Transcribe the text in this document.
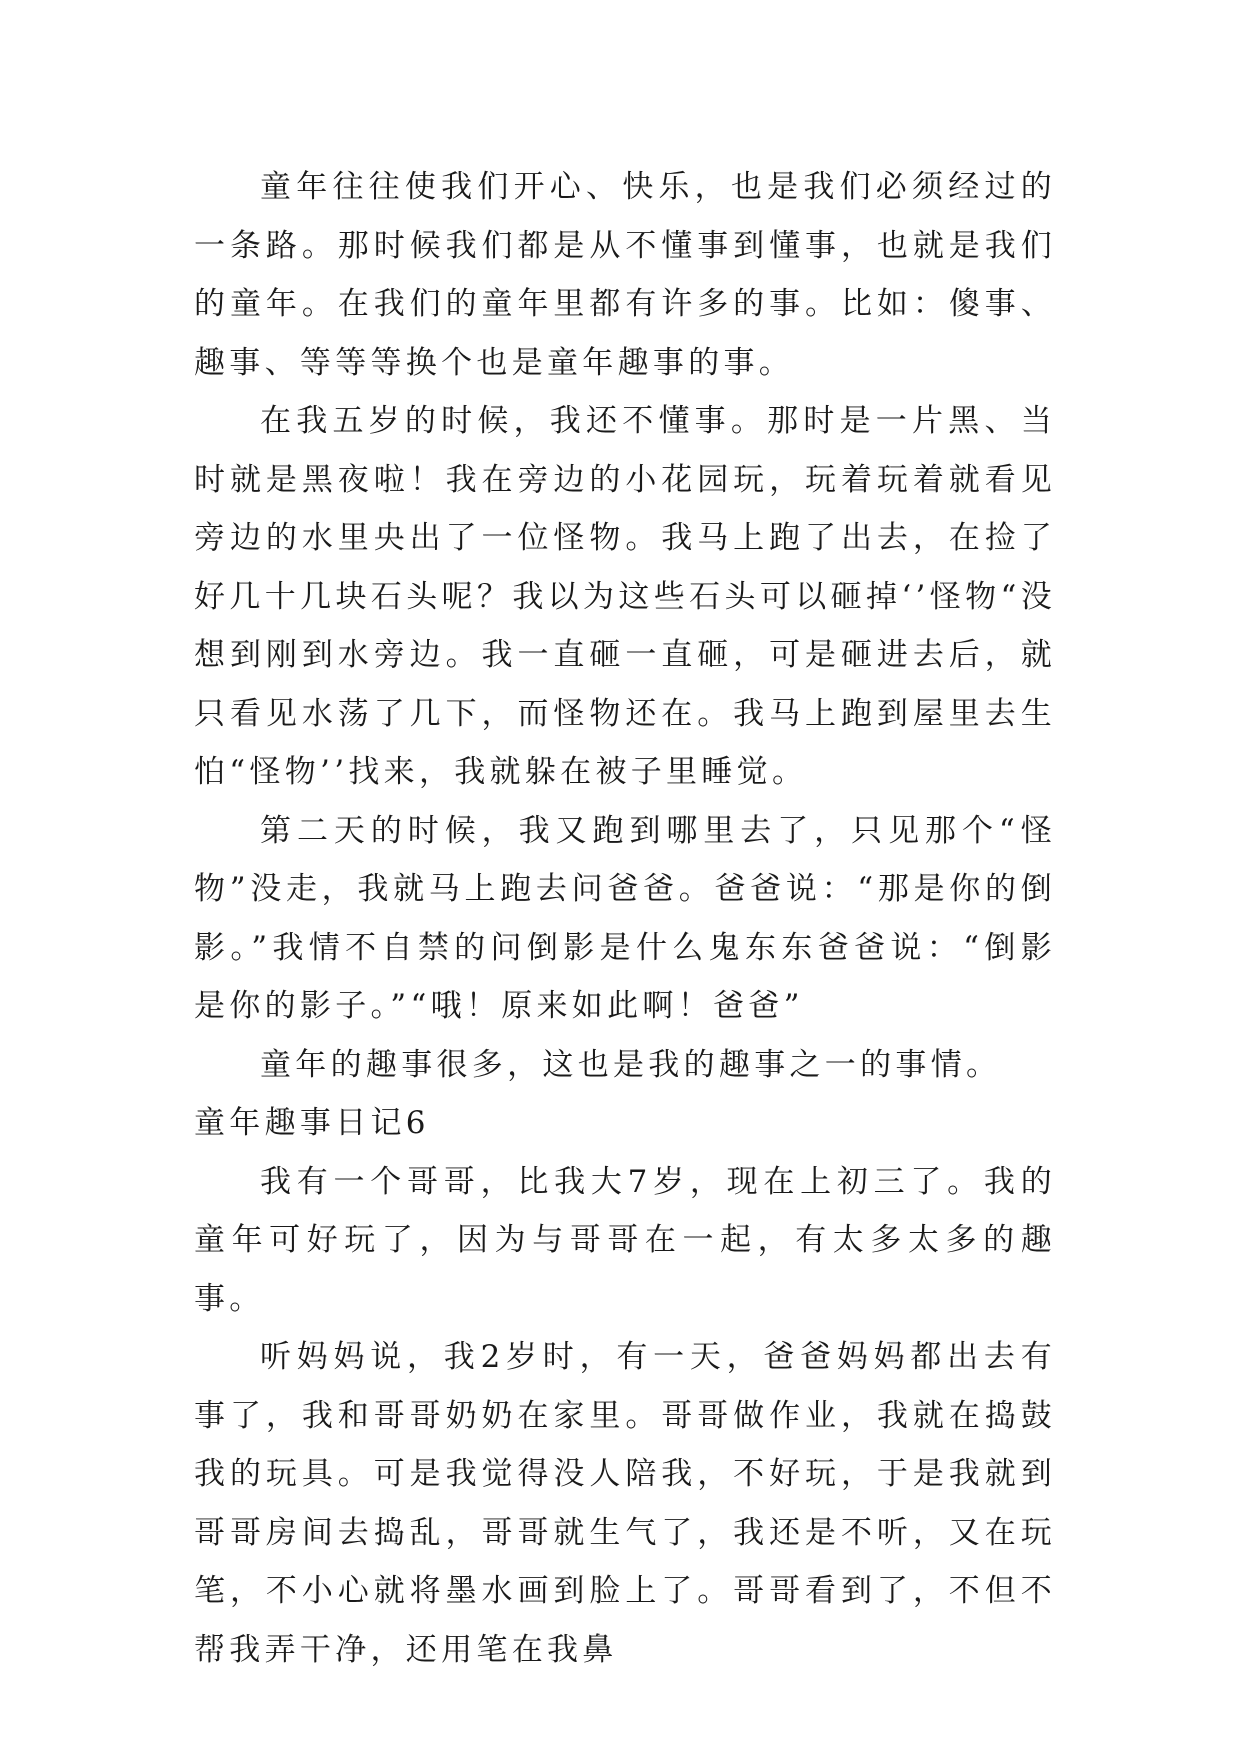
童年往往使我们开心、快乐，也是我们必须经过的一条路。那时候我们都是从不懂事到懂事，也就是我们的童年。在我们的童年里都有许多的事。比如：傻事、趣事、等等等换个也是童年趣事的事。

在我五岁的时候，我还不懂事。那时是一片黑、当时就是黑夜啦！我在旁边的小花园玩，玩着玩着就看见旁边的水里央出了一位怪物。我马上跑了出去，在捡了好几十几块石头呢？我以为这些石头可以砸掉‘’怪物“没想到刚到水旁边。我一直砸一直砸，可是砸进去后，就只看见水荡了几下，而怪物还在。我马上跑到屋里去生怕“怪物’’找来，我就躲在被子里睡觉。

第二天的时候，我又跑到哪里去了，只见那个“怪物”没走，我就马上跑去问爸爸。爸爸说：“那是你的倒影。”我情不自禁的问倒影是什么鬼东东爸爸说：“倒影是你的影子。”“哦！原来如此啊！爸爸”

童年的趣事很多，这也是我的趣事之一的事情。

童年趣事日记6

我有一个哥哥，比我大7岁，现在上初三了。我的童年可好玩了，因为与哥哥在一起，有太多太多的趣事。

听妈妈说，我2岁时，有一天，爸爸妈妈都出去有事了，我和哥哥奶奶在家里。哥哥做作业，我就在捣鼓我的玩具。可是我觉得没人陪我，不好玩，于是我就到哥哥房间去捣乱，哥哥就生气了，我还是不听，又在玩笔，不小心就将墨水画到脸上了。哥哥看到了，不但不帮我弄干净，还用笔在我鼻
